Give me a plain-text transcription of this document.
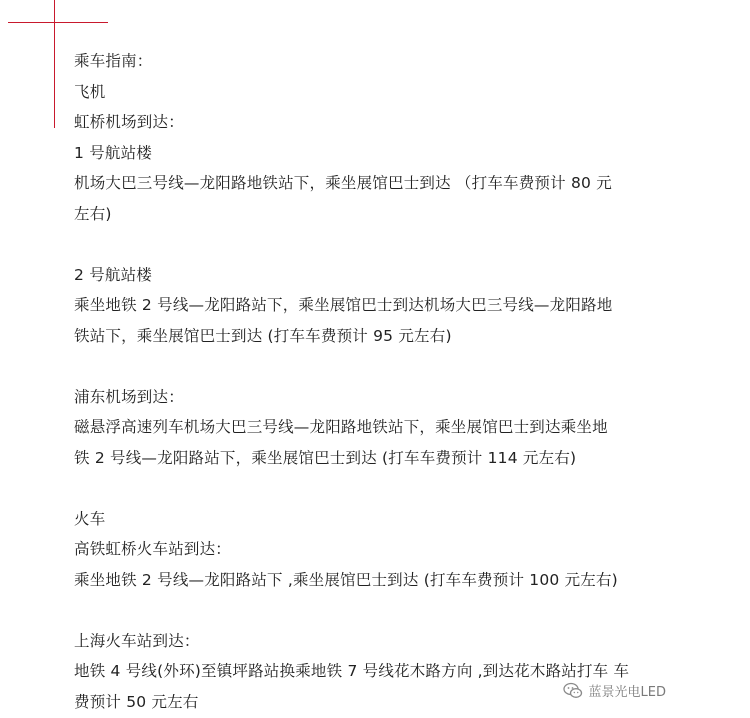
乘车指南：
飞机
虹桥机场到达：
1 号航站楼
机场大巴三号线—龙阳路地铁站下，乘坐展馆巴士到达 （打车车费预计 80 元
左右)
2 号航站楼
乘坐地铁 2 号线—龙阳路站下，乘坐展馆巴士到达机场大巴三号线—龙阳路地
铁站下，乘坐展馆巴士到达 (打车车费预计 95 元左右)
浦东机场到达：
磁悬浮高速列车机场大巴三号线—龙阳路地铁站下，乘坐展馆巴士到达乘坐地
铁 2 号线—龙阳路站下，乘坐展馆巴士到达 (打车车费预计 114 元左右)
火车
高铁虹桥火车站到达：
乘坐地铁 2 号线—龙阳路站下 ,乘坐展馆巴士到达 (打车车费预计 100 元左右)
上海火车站到达：
地铁 4 号线(外环)至镇坪路站换乘地铁 7 号线花木路方向 ,到达花木路站打车 车
费预计 50 元左右	蓝景光电LED
